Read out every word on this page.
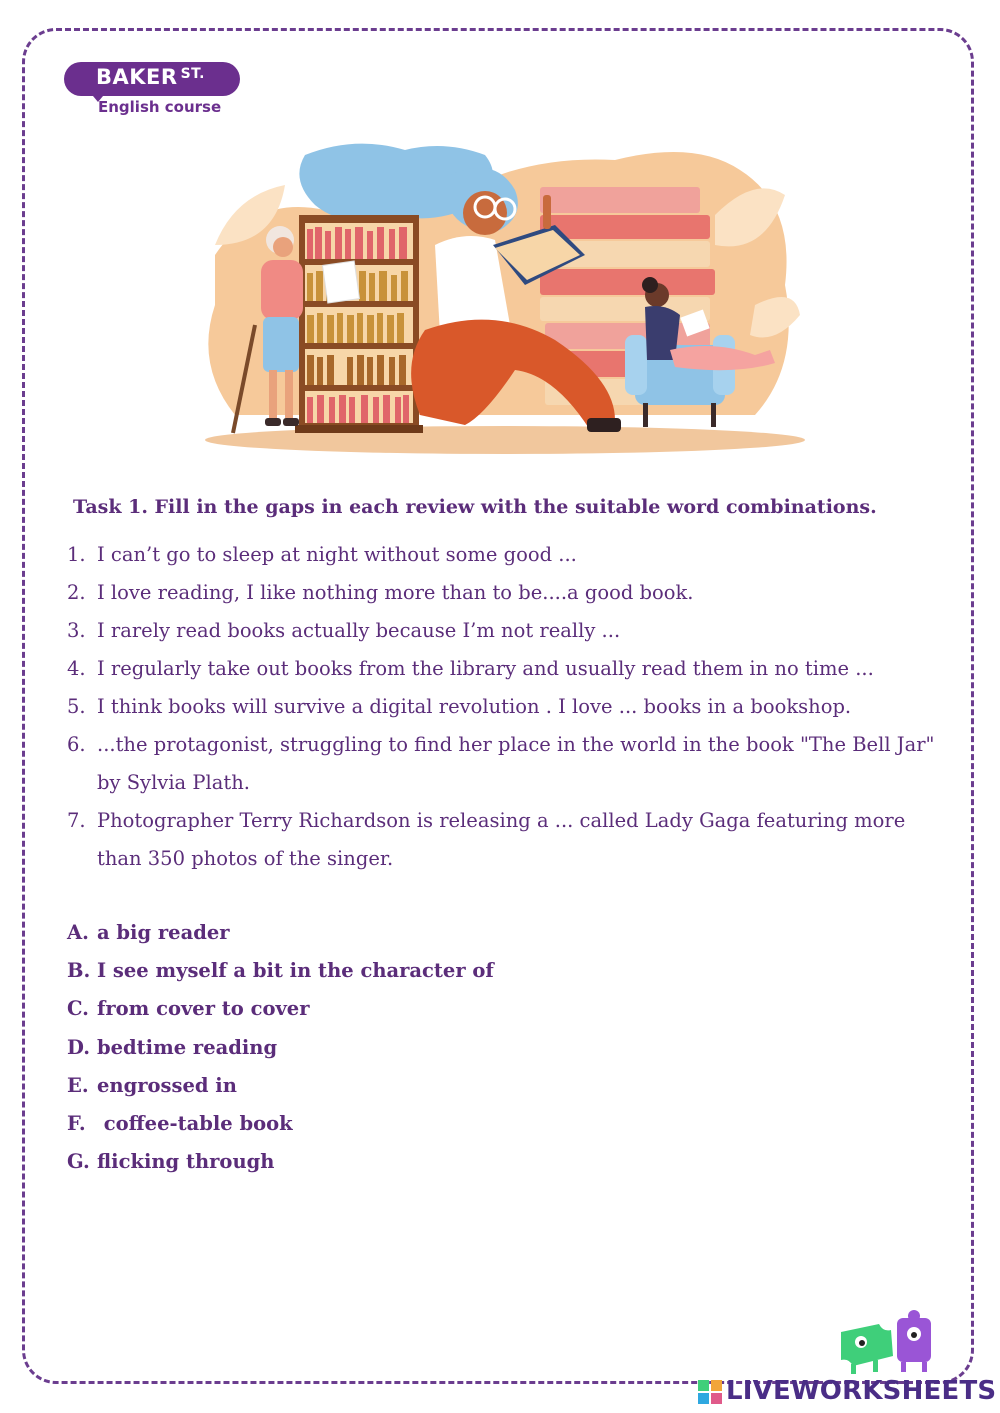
BAKER $^{ST.}$
English course
Task 1. Fill in the gaps in each review with the suitable word combinations.
1. I can’t go to sleep at night without some good ...
2. I love reading, I like nothing more than to be....a good book.
3. I rarely read books actually because I’m not really ...
4. I regularly take out books from the library and usually read them in no time ...
5. I think books will survive a digital revolution . I love ... books in a bookshop.
6. ...the protagonist, struggling to find her place in the world in the book "The Bell Jar" by Sylvia Plath.
7. Photographer Terry Richardson is releasing a ... called Lady Gaga featuring more than 350 photos of the singer.
A. a big reader
B. I see myself a bit in the character of
C. from cover to cover
D. bedtime reading
E. engrossed in
F. coffee-table book
G. flicking through
LIVEWORKSHEETS
